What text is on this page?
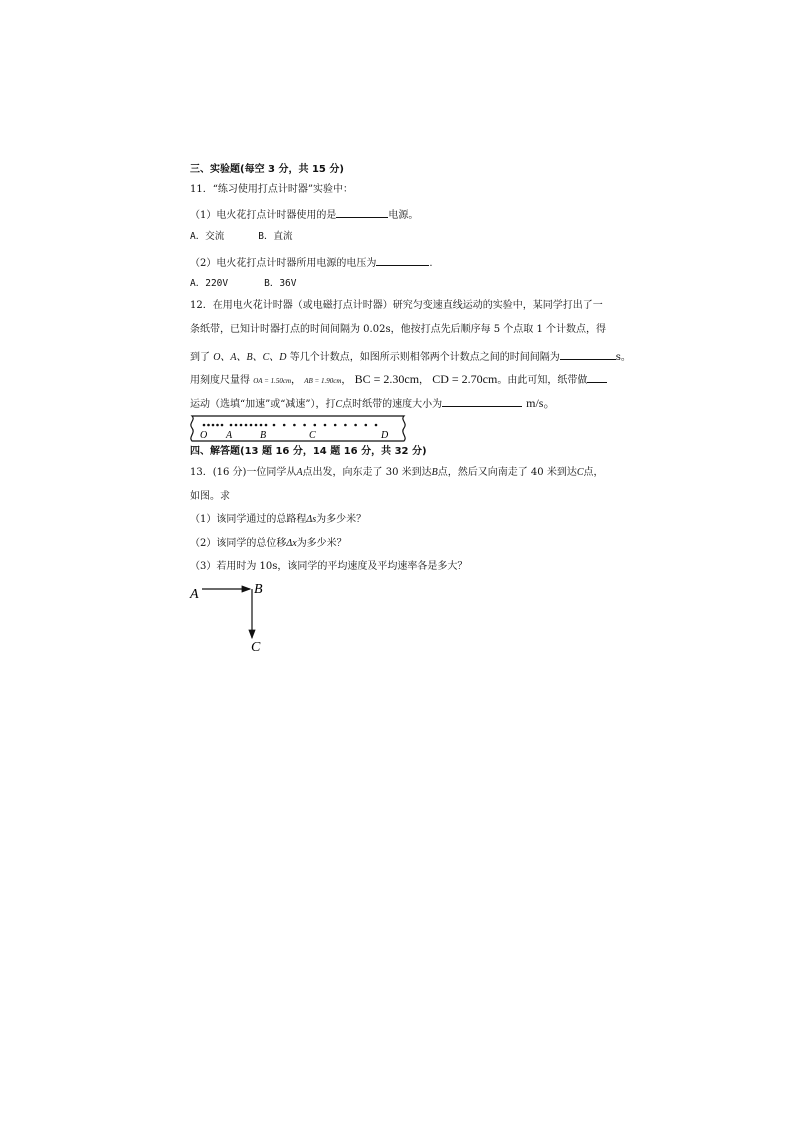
三、实验题(每空 3 分，共 15 分)
11．“练习使用打点计时器”实验中：
（1）电火花打点计时器使用的是	电源。
A．交流	B．直流
（2）电火花打点计时器所用电源的电压为	.
A．220V	B．36V
12．在用电火花计时器（或电磁打点计时器）研究匀变速直线运动的实验中，某同学打出了一
条纸带，已知计时器打点的时间间隔为 0.02s，他按打点先后顺序每 5 个点取 1 个计数点，得
到了 O、A、B、C、D 等几个计数点，如图所示则相邻两个计数点之间的时间间隔为	s。
用刻度尺量得 OA = 1.50cm， AB = 1.90cm， BC = 2.30cm， CD = 2.70cm。由此可知，纸带做
运动（选填“加速”或“减速”），打C点时纸带的速度大小为	m/s。
O A	B	C	D
四、解答题(13 题 16 分，14 题 16 分，共 32 分)
13．(16 分)一位同学从A点出发，向东走了 30 米到达B点，然后又向南走了 40 米到达C点，
如图。求
（1）该同学通过的总路程Δs为多少米？
（2）该同学的总位移Δx为多少米？
（3）若用时为 10s，该同学的平均速度及平均速率各是多大？
A	B
C
